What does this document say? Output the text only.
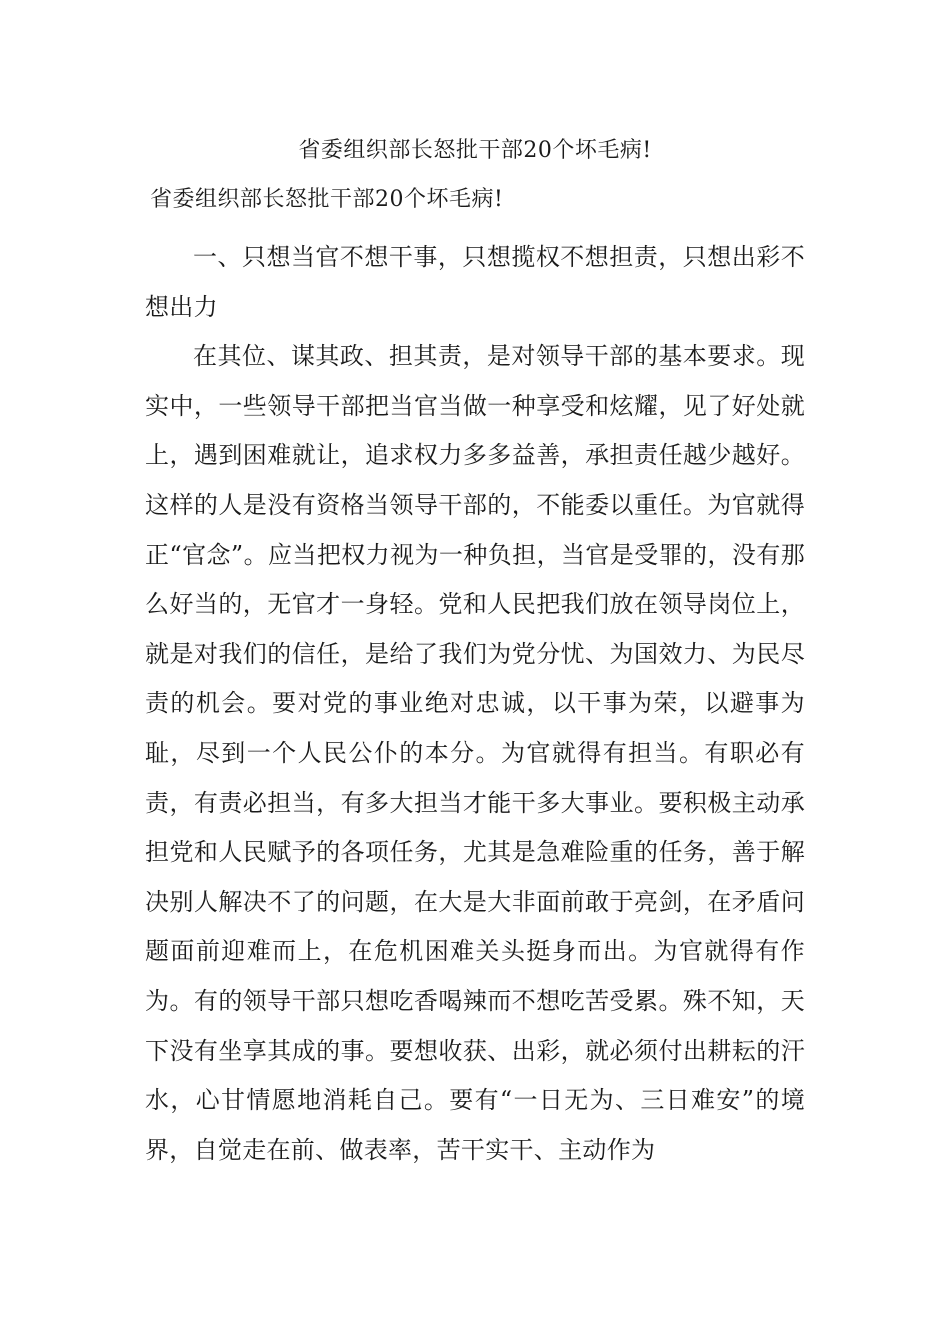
省委组织部长怒批干部20个坏毛病!
省委组织部长怒批干部20个坏毛病!

一、只想当官不想干事，只想揽权不想担责，只想出彩不想出力

在其位、谋其政、担其责，是对领导干部的基本要求。现实中，一些领导干部把当官当做一种享受和炫耀，见了好处就上，遇到困难就让，追求权力多多益善，承担责任越少越好。这样的人是没有资格当领导干部的，不能委以重任。为官就得正“官念”。应当把权力视为一种负担，当官是受罪的，没有那么好当的，无官才一身轻。党和人民把我们放在领导岗位上，就是对我们的信任，是给了我们为党分忧、为国效力、为民尽责的机会。要对党的事业绝对忠诚，以干事为荣，以避事为耻，尽到一个人民公仆的本分。为官就得有担当。有职必有责，有责必担当，有多大担当才能干多大事业。要积极主动承担党和人民赋予的各项任务，尤其是急难险重的任务，善于解决别人解决不了的问题，在大是大非面前敢于亮剑，在矛盾问题面前迎难而上，在危机困难关头挺身而出。为官就得有作为。有的领导干部只想吃香喝辣而不想吃苦受累。殊不知，天下没有坐享其成的事。要想收获、出彩，就必须付出耕耘的汗水，心甘情愿地消耗自己。要有“一日无为、三日难安”的境界，自觉走在前、做表率，苦干实干、主动作为
